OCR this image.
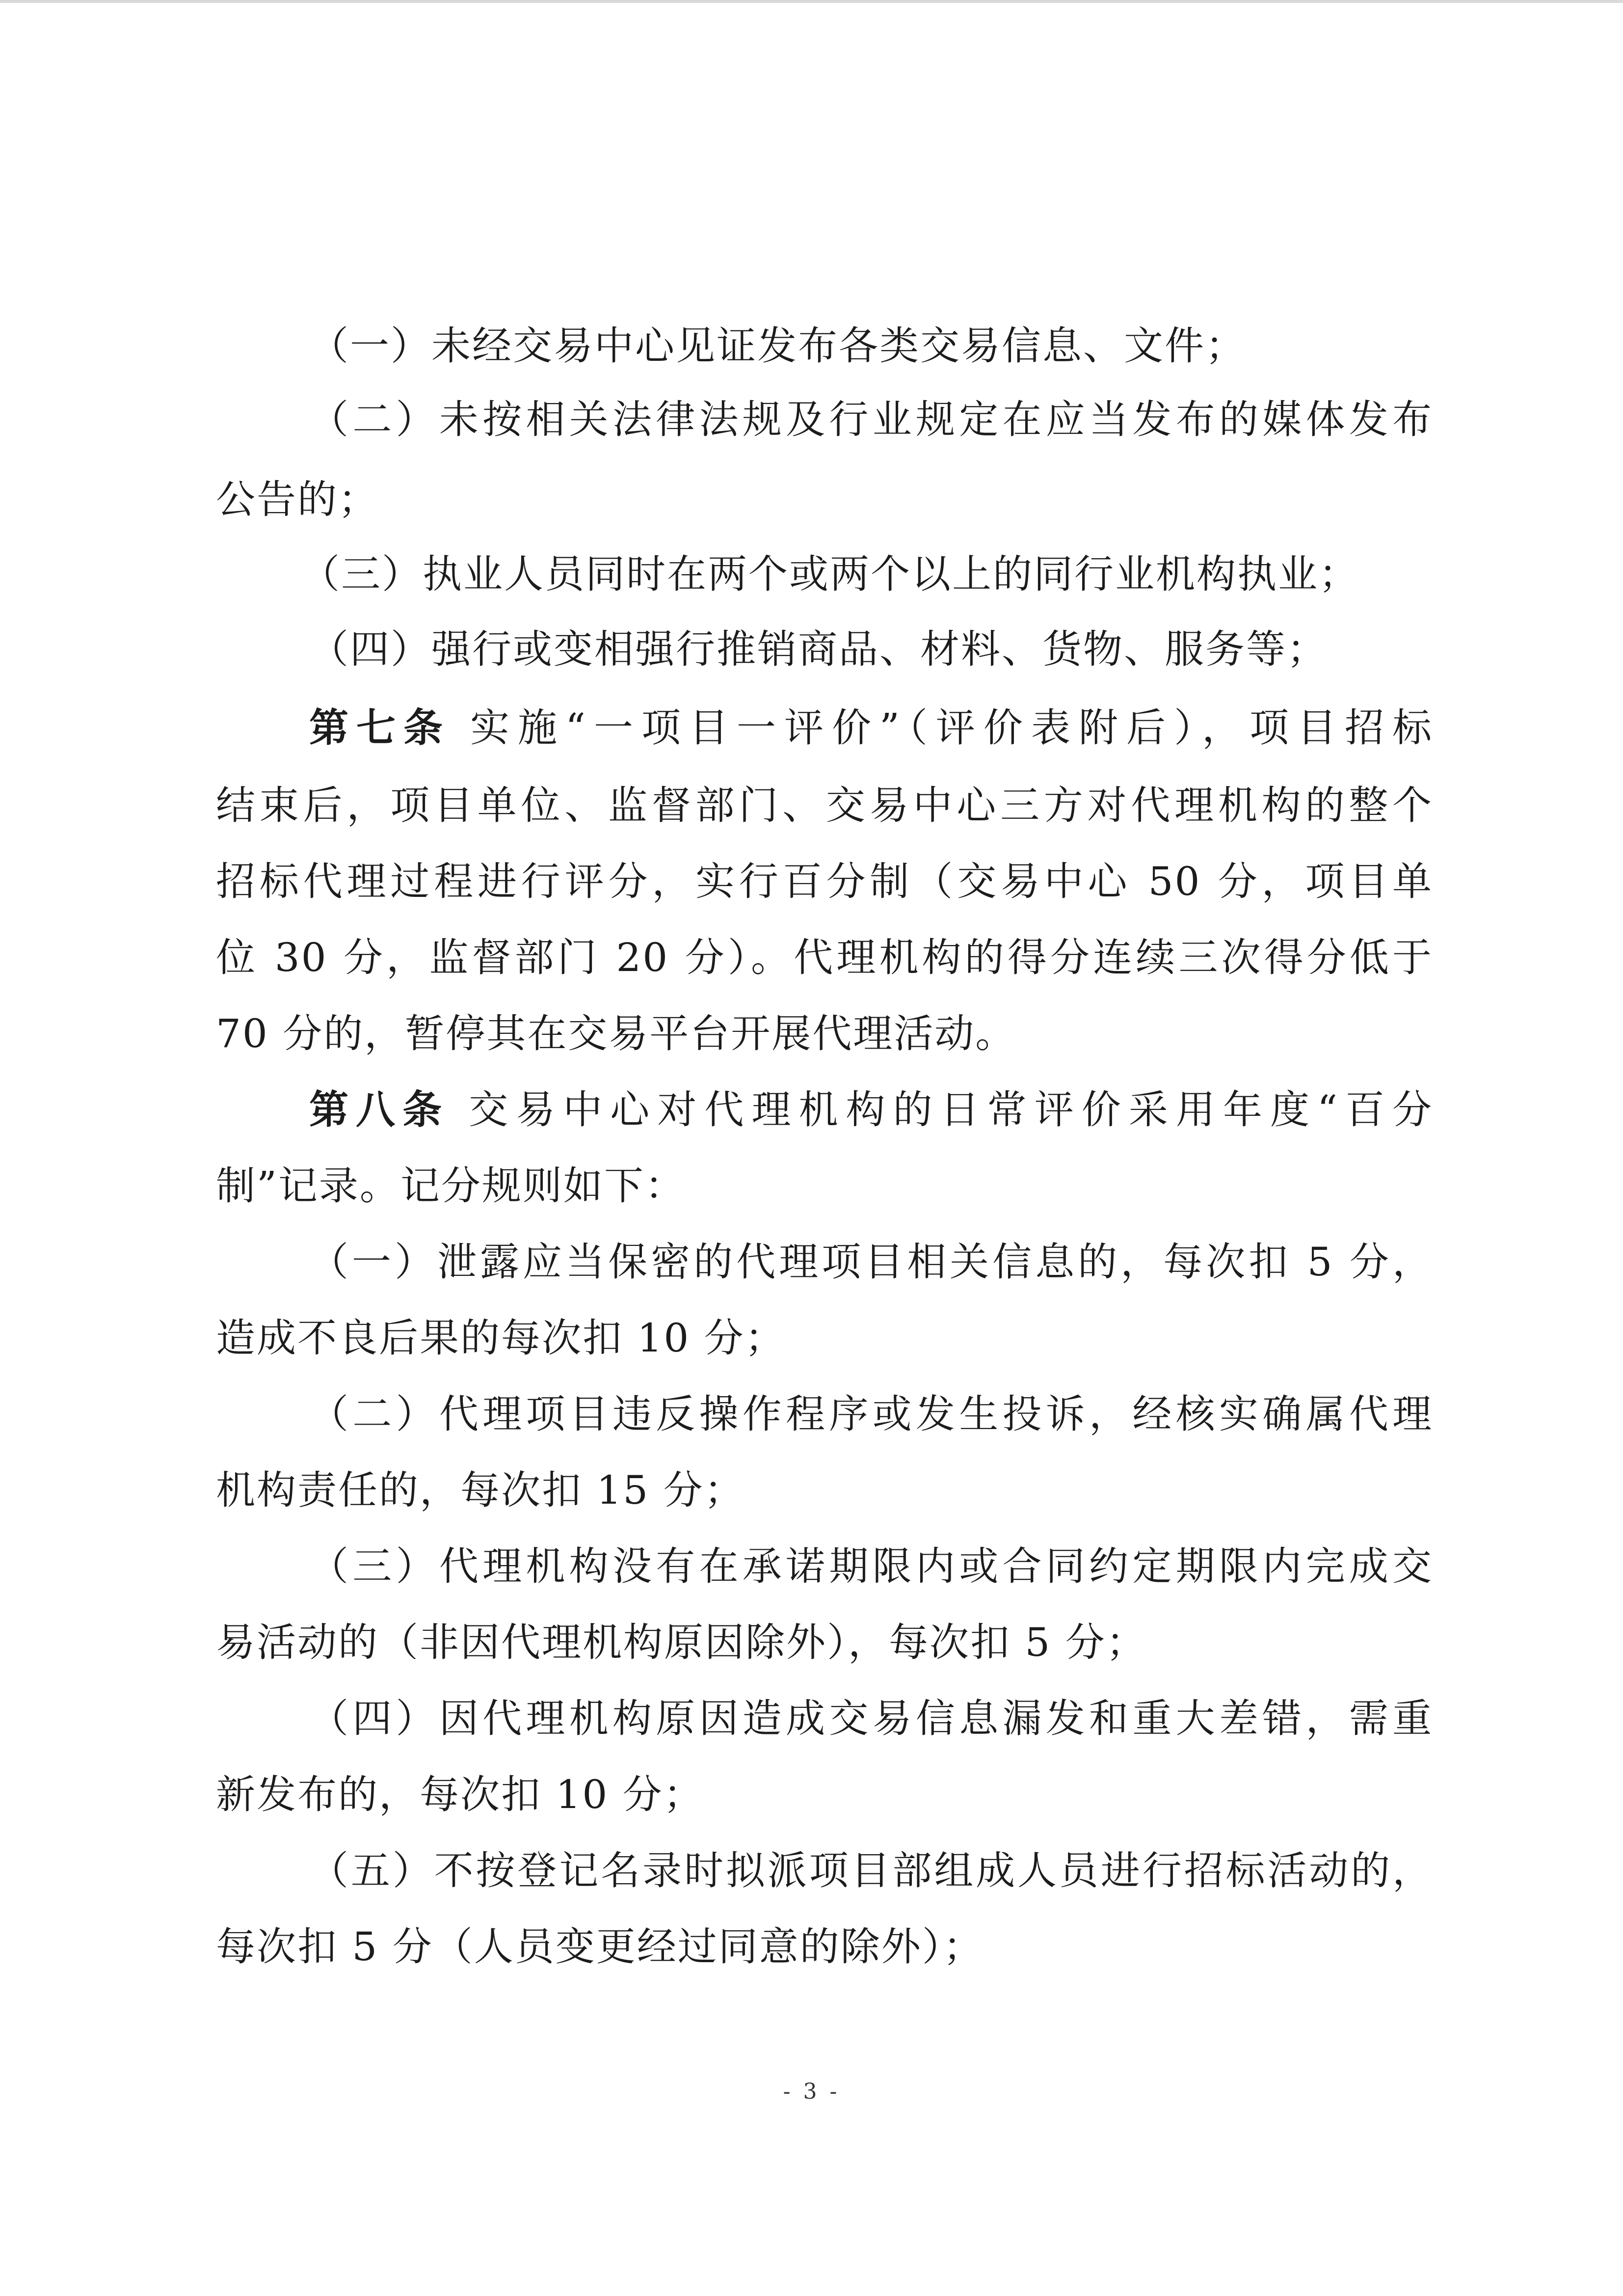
（一）未经交易中心见证发布各类交易信息、文件；
（二）未按相关法律法规及行业规定在应当发布的媒体发布
公告的；
（三）执业人员同时在两个或两个以上的同行业机构执业；
（四）强行或变相强行推销商品、材料、货物、服务等；
第七条 实施“一项目一评价”（评价表附后），项目招标
结束后，项目单位、监督部门、交易中心三方对代理机构的整个
招标代理过程进行评分，实行百分制（交易中心 50 分，项目单
位 30 分，监督部门 20 分）。代理机构的得分连续三次得分低于
70 分的，暂停其在交易平台开展代理活动。
第八条 交易中心对代理机构的日常评价采用年度“百分
制”记录。记分规则如下：
（一）泄露应当保密的代理项目相关信息的，每次扣 5 分，
造成不良后果的每次扣 10 分；
（二）代理项目违反操作程序或发生投诉，经核实确属代理
机构责任的，每次扣 15 分；
（三）代理机构没有在承诺期限内或合同约定期限内完成交
易活动的（非因代理机构原因除外），每次扣 5 分；
（四）因代理机构原因造成交易信息漏发和重大差错，需重
新发布的，每次扣 10 分；
（五）不按登记名录时拟派项目部组成人员进行招标活动的，
每次扣 5 分（人员变更经过同意的除外）；
- 3 -
